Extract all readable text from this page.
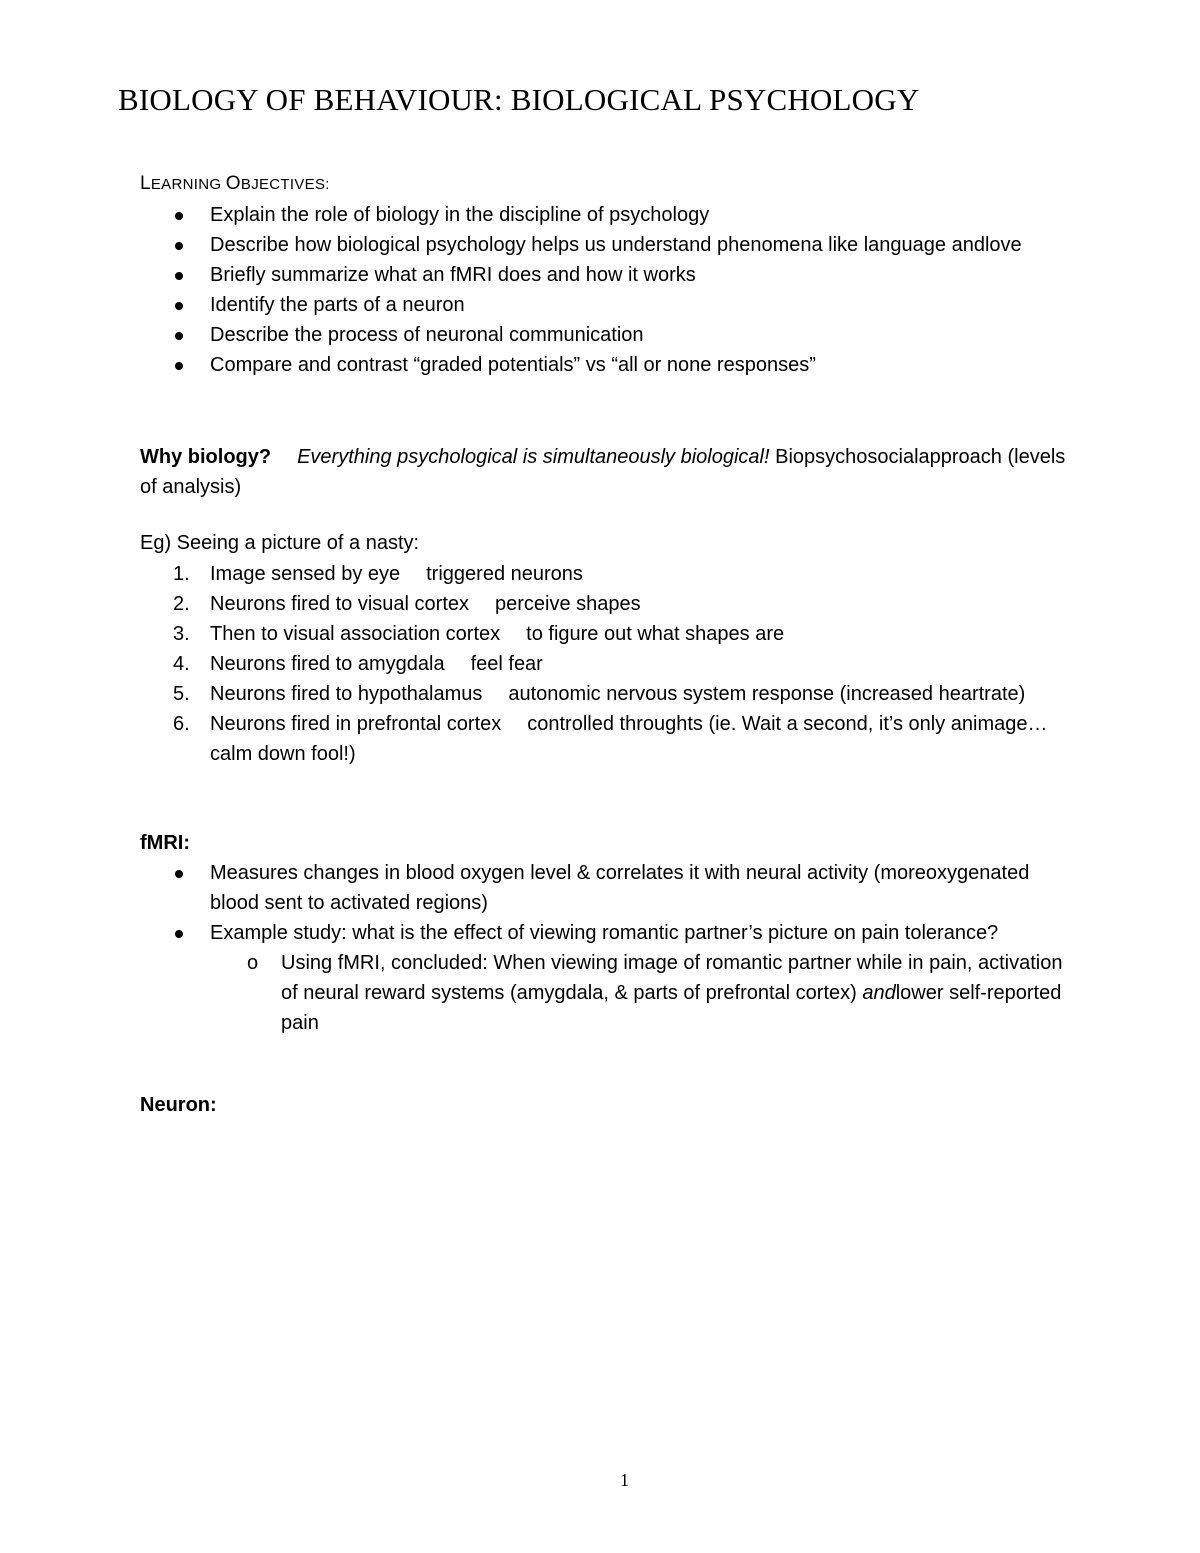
BIOLOGY OF BEHAVIOUR: BIOLOGICAL PSYCHOLOGY
LEARNING OBJECTIVES:
Explain the role of biology in the discipline of psychology
Describe how biological psychology helps us understand phenomena like language andlove
Briefly summarize what an fMRI does and how it works
Identify the parts of a neuron
Describe the process of neuronal communication
Compare and contrast “graded potentials” vs “all or none responses”
Why biology? Everything psychological is simultaneously biological! Biopsychosocialapproach (levels of analysis)
Eg) Seeing a picture of a nasty:
1. Image sensed by eye triggered neurons
2. Neurons fired to visual cortex perceive shapes
3. Then to visual association cortex to figure out what shapes are
4. Neurons fired to amygdala feel fear
5. Neurons fired to hypothalamus autonomic nervous system response (increased heartrate)
6. Neurons fired in prefrontal cortex controlled throughts (ie. Wait a second, it’s only animage… calm down fool!)
fMRI:
Measures changes in blood oxygen level & correlates it with neural activity (moreoxygenated blood sent to activated regions)
Example study: what is the effect of viewing romantic partner’s picture on pain tolerance?
o Using fMRI, concluded: When viewing image of romantic partner while in pain, activation of neural reward systems (amygdala, & parts of prefrontal cortex) andlower self-reported pain
Neuron:
1
